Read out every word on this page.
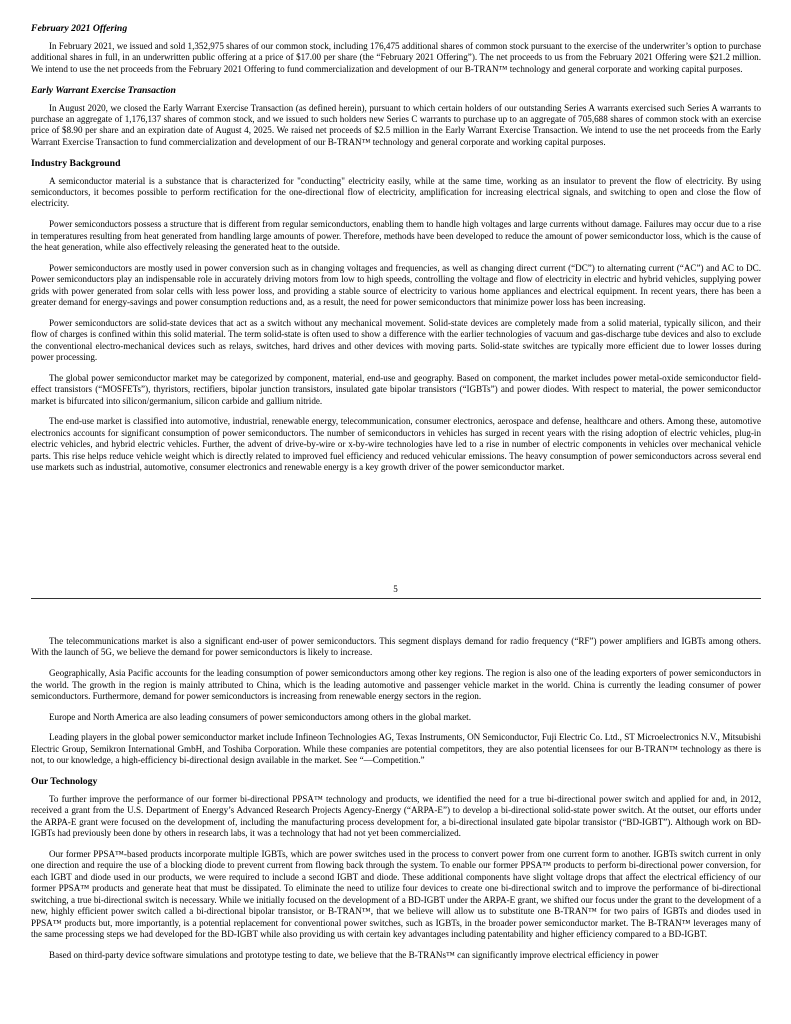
February 2021 Offering

In February 2021, we issued and sold 1,352,975 shares of our common stock, including 176,475 additional shares of common stock pursuant to the exercise of the underwriter’s option to purchase additional shares in full, in an underwritten public offering at a price of $17.00 per share (the “February 2021 Offering”). The net proceeds to us from the February 2021 Offering were $21.2 million. We intend to use the net proceeds from the February 2021 Offering to fund commercialization and development of our B-TRAN™ technology and general corporate and working capital purposes.

Early Warrant Exercise Transaction

In August 2020, we closed the Early Warrant Exercise Transaction (as defined herein), pursuant to which certain holders of our outstanding Series A warrants exercised such Series A warrants to purchase an aggregate of 1,176,137 shares of common stock, and we issued to such holders new Series C warrants to purchase up to an aggregate of 705,688 shares of common stock with an exercise price of $8.90 per share and an expiration date of August 4, 2025. We raised net proceeds of $2.5 million in the Early Warrant Exercise Transaction. We intend to use the net proceeds from the Early Warrant Exercise Transaction to fund commercialization and development of our B-TRAN™ technology and general corporate and working capital purposes.

Industry Background

A semiconductor material is a substance that is characterized for "conducting" electricity easily, while at the same time, working as an insulator to prevent the flow of electricity. By using semiconductors, it becomes possible to perform rectification for the one-directional flow of electricity, amplification for increasing electrical signals, and switching to open and close the flow of electricity.

Power semiconductors possess a structure that is different from regular semiconductors, enabling them to handle high voltages and large currents without damage. Failures may occur due to a rise in temperatures resulting from heat generated from handling large amounts of power. Therefore, methods have been developed to reduce the amount of power semiconductor loss, which is the cause of the heat generation, while also effectively releasing the generated heat to the outside.

Power semiconductors are mostly used in power conversion such as in changing voltages and frequencies, as well as changing direct current (“DC”) to alternating current (“AC”) and AC to DC. Power semiconductors play an indispensable role in accurately driving motors from low to high speeds, controlling the voltage and flow of electricity in electric and hybrid vehicles, supplying power grids with power generated from solar cells with less power loss, and providing a stable source of electricity to various home appliances and electrical equipment. In recent years, there has been a greater demand for energy-savings and power consumption reductions and, as a result, the need for power semiconductors that minimize power loss has been increasing.

Power semiconductors are solid-state devices that act as a switch without any mechanical movement. Solid-state devices are completely made from a solid material, typically silicon, and their flow of charges is confined within this solid material. The term solid-state is often used to show a difference with the earlier technologies of vacuum and gas-discharge tube devices and also to exclude the conventional electro-mechanical devices such as relays, switches, hard drives and other devices with moving parts. Solid-state switches are typically more efficient due to lower losses during power processing.

The global power semiconductor market may be categorized by component, material, end-use and geography. Based on component, the market includes power metal-oxide semiconductor field-effect transistors (“MOSFETs”), thyristors, rectifiers, bipolar junction transistors, insulated gate bipolar transistors (“IGBTs”) and power diodes. With respect to material, the power semiconductor market is bifurcated into silicon/germanium, silicon carbide and gallium nitride.

The end-use market is classified into automotive, industrial, renewable energy, telecommunication, consumer electronics, aerospace and defense, healthcare and others. Among these, automotive electronics accounts for significant consumption of power semiconductors. The number of semiconductors in vehicles has surged in recent years with the rising adoption of electric vehicles, plug-in electric vehicles, and hybrid electric vehicles. Further, the advent of drive-by-wire or x-by-wire technologies have led to a rise in number of electric components in vehicles over mechanical vehicle parts. This rise helps reduce vehicle weight which is directly related to improved fuel efficiency and reduced vehicular emissions. The heavy consumption of power semiconductors across several end use markets such as industrial, automotive, consumer electronics and renewable energy is a key growth driver of the power semiconductor market.

5

The telecommunications market is also a significant end-user of power semiconductors. This segment displays demand for radio frequency (“RF”) power amplifiers and IGBTs among others. With the launch of 5G, we believe the demand for power semiconductors is likely to increase.

Geographically, Asia Pacific accounts for the leading consumption of power semiconductors among other key regions. The region is also one of the leading exporters of power semiconductors in the world. The growth in the region is mainly attributed to China, which is the leading automotive and passenger vehicle market in the world. China is currently the leading consumer of power semiconductors. Furthermore, demand for power semiconductors is increasing from renewable energy sectors in the region.

Europe and North America are also leading consumers of power semiconductors among others in the global market.

Leading players in the global power semiconductor market include Infineon Technologies AG, Texas Instruments, ON Semiconductor, Fuji Electric Co. Ltd., ST Microelectronics N.V., Mitsubishi Electric Group, Semikron International GmbH, and Toshiba Corporation. While these companies are potential competitors, they are also potential licensees for our B-TRAN™ technology as there is not, to our knowledge, a high-efficiency bi-directional design available in the market. See “—Competition.”

Our Technology

To further improve the performance of our former bi-directional PPSA™ technology and products, we identified the need for a true bi-directional power switch and applied for and, in 2012, received a grant from the U.S. Department of Energy’s Advanced Research Projects Agency-Energy (“ARPA-E”) to develop a bi-directional solid-state power switch. At the outset, our efforts under the ARPA-E grant were focused on the development of, including the manufacturing process development for, a bi-directional insulated gate bipolar transistor (“BD-IGBT”). Although work on BD-IGBTs had previously been done by others in research labs, it was a technology that had not yet been commercialized.

Our former PPSA™-based products incorporate multiple IGBTs, which are power switches used in the process to convert power from one current form to another. IGBTs switch current in only one direction and require the use of a blocking diode to prevent current from flowing back through the system. To enable our former PPSA™ products to perform bi-directional power conversion, for each IGBT and diode used in our products, we were required to include a second IGBT and diode. These additional components have slight voltage drops that affect the electrical efficiency of our former PPSA™ products and generate heat that must be dissipated. To eliminate the need to utilize four devices to create one bi-directional switch and to improve the performance of bi-directional switching, a true bi-directional switch is necessary. While we initially focused on the development of a BD-IGBT under the ARPA-E grant, we shifted our focus under the grant to the development of a new, highly efficient power switch called a bi-directional bipolar transistor, or B-TRAN™, that we believe will allow us to substitute one B-TRAN™ for two pairs of IGBTs and diodes used in PPSA™ products but, more importantly, is a potential replacement for conventional power switches, such as IGBTs, in the broader power semiconductor market. The B-TRAN™ leverages many of the same processing steps we had developed for the BD-IGBT while also providing us with certain key advantages including patentability and higher efficiency compared to a BD-IGBT.

Based on third-party device software simulations and prototype testing to date, we believe that the B-TRANs™ can significantly improve electrical efficiency in power
